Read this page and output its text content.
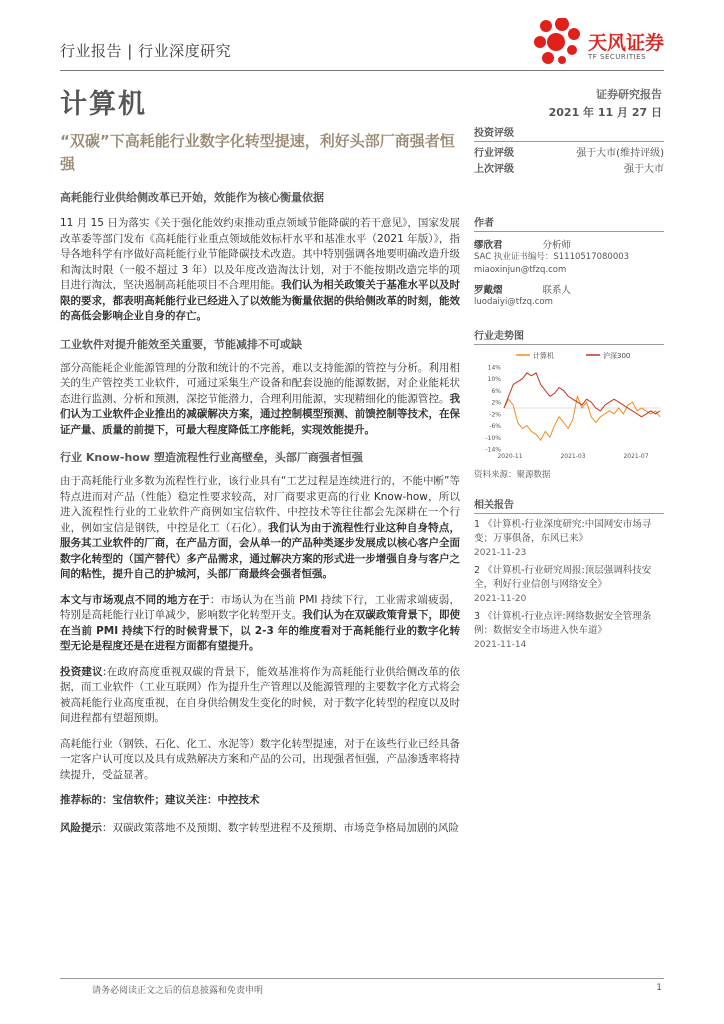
行业报告 | 行业深度研究	天风证券
TF SECURITIES
计算机	证券研究报告
2021 年 11 月 27 日
“双碳”下高耗能行业数字化转型提速，利好头部厂商强者恒强
高耗能行业供给侧改革已开始，效能作为核心衡量依据
11 月 15 日为落实《关于强化能效约束推动重点领域节能降碳的若干意见》，国家发展改革委等部门发布《高耗能行业重点领域能效标杆水平和基准水平（2021 年版）》，指导各地科学有序做好高耗能行业节能降碳技术改造。其中特别强调各地要明确改造升级和淘汰时限（一般不超过 3 年）以及年度改造淘汰计划，对于不能按期改造完毕的项目进行淘汰，坚决遏制高耗能项目不合理用能。我们认为相关政策关于基准水平以及时限的要求，都表明高耗能行业已经进入了以效能为衡量依据的供给侧改革的时刻，能效的高低会影响企业自身的存亡。
工业软件对提升能效至关重要，节能减排不可或缺
部分高能耗企业能源管理的分散和统计的不完善，难以支持能源的管控与分析。利用相关的生产管控类工业软件，可通过采集生产设备和配套设施的能源数据，对企业能耗状态进行监测、分析和预测，深挖节能潜力，合理利用能源，实现精细化的能源管控。我们认为工业软件企业推出的减碳解决方案，通过控制模型预测、前馈控制等技术，在保证产量、质量的前提下，可最大程度降低工序能耗，实现效能提升。
行业 Know-how 塑造流程性行业高壁垒，头部厂商强者恒强
由于高耗能行业多数为流程性行业，该行业具有“工艺过程是连续进行的，不能中断”等特点进而对产品（性能）稳定性要求较高，对厂商要求更高的行业 Know-how，所以进入流程性行业的工业软件产商例如宝信软件、中控技术等往往都会先深耕在一个行业，例如宝信是钢铁，中控是化工（石化）。我们认为由于流程性行业这种自身特点，服务其工业软件的厂商，在产品方面，会从单一的产品种类逐步发展成以核心客户全面数字化转型的（国产替代）多产品需求，通过解决方案的形式进一步增强自身与客户之间的粘性，提升自己的护城河，头部厂商最终会强者恒强。
本文与市场观点不同的地方在于：市场认为在当前 PMI 持续下行，工业需求端疲弱，特别是高耗能行业订单减少，影响数字化转型开支。我们认为在双碳政策背景下，即使在当前 PMI 持续下行的时候背景下，以 2-3 年的维度看对于高耗能行业的数字化转型无论是程度还是在进程方面都有望提升。
投资建议:在政府高度重视双碳的背景下，能效基准将作为高耗能行业供给侧改革的依据，而工业软件（工业互联网）作为提升生产管理以及能源管理的主要数字化方式将会被高耗能行业高度重视，在自身供给侧发生变化的时候，对于数字化转型的程度以及时间进程都有望超预期。
高耗能行业（钢铁、石化、化工、水泥等）数字化转型提速，对于在该些行业已经具备一定客户认可度以及具有成熟解决方案和产品的公司，出现强者恒强，产品渗透率将持续提升，受益显著。
推荐标的：宝信软件；建议关注：中控技术
风险提示：双碳政策落地不及预期、数字转型进程不及预期、市场竞争格局加剧的风险
投资评级
行业评级	强于大市(维持评级)
上次评级	强于大市
作者
缪欣君	分析师
SAC 执业证书编号：S1110517080003
miaoxinjun@tfzq.com
罗戴熠	联系人
luodaiyi@tfzq.com
行业走势图
计算机	沪深300
14%
10%
6%
2%
-2%
-6%
-10%
-14%
2020-11	2021-03	2021-07
资料来源：聚源数据
相关报告
1 《计算机-行业深度研究:中国网安市场寻变；万事俱备，东风已来》
2021-11-23
2 《计算机-行业研究周报:顶层强调科技安全，利好行业信创与网络安全》
2021-11-20
3 《计算机-行业点评:网络数据安全管理条例：数据安全市场进入快车道》
2021-11-14
请务必阅读正文之后的信息披露和免责申明	1
